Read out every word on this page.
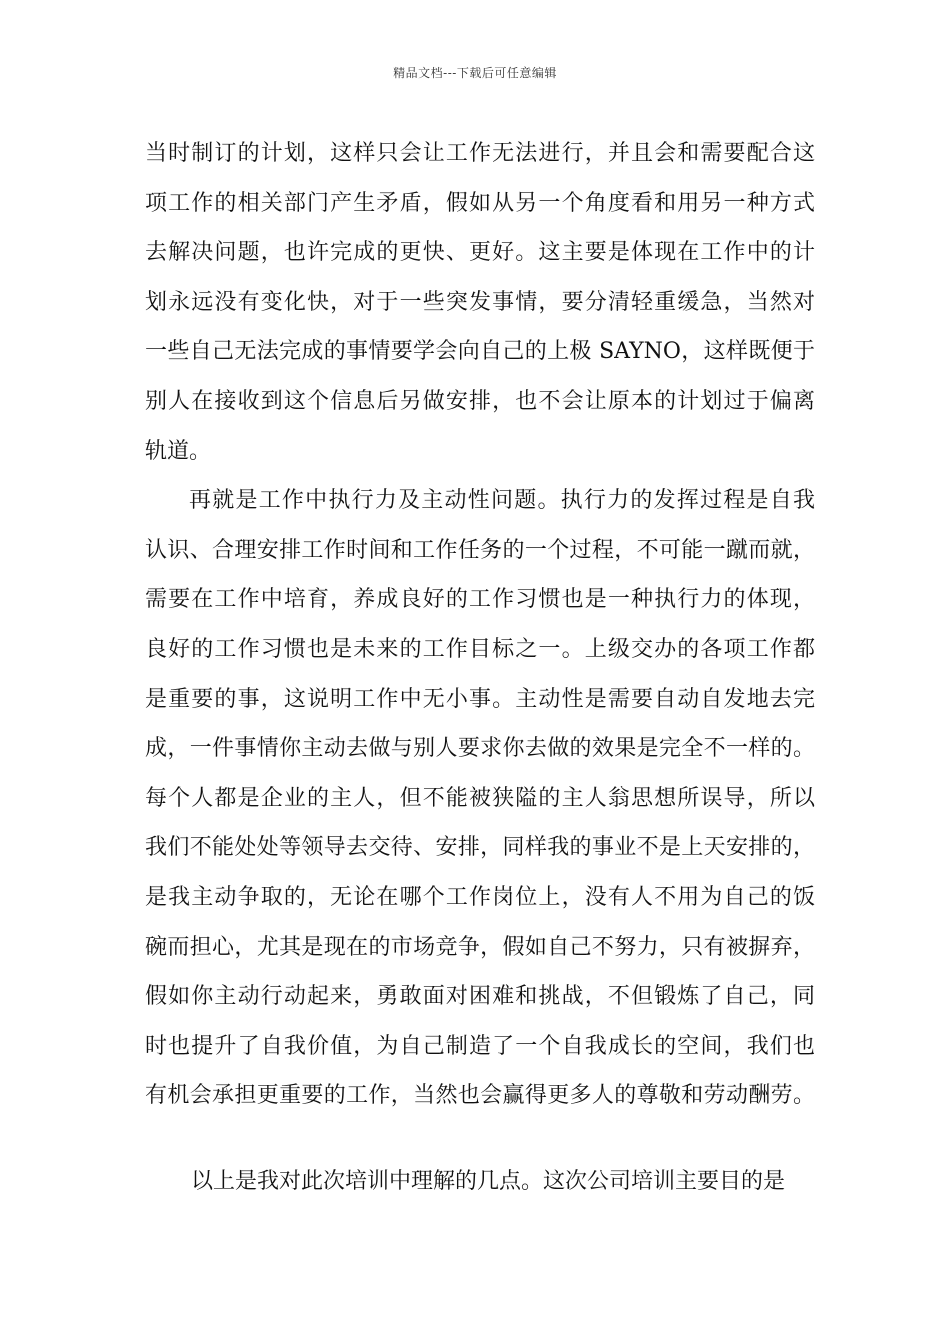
精品文档---下载后可任意编辑
当时制订的计划，这样只会让工作无法进行，并且会和需要配合这
项工作的相关部门产生矛盾，假如从另一个角度看和用另一种方式
去解决问题，也许完成的更快、更好。这主要是体现在工作中的计
划永远没有变化快，对于一些突发事情，要分清轻重缓急，当然对
一些自己无法完成的事情要学会向自己的上极 SAYNO，这样既便于
别人在接收到这个信息后另做安排，也不会让原本的计划过于偏离
轨道。
再就是工作中执行力及主动性问题。执行力的发挥过程是自我
认识、合理安排工作时间和工作任务的一个过程，不可能一蹴而就，
需要在工作中培育，养成良好的工作习惯也是一种执行力的体现，
良好的工作习惯也是未来的工作目标之一。上级交办的各项工作都
是重要的事，这说明工作中无小事。主动性是需要自动自发地去完
成，一件事情你主动去做与别人要求你去做的效果是完全不一样的。
每个人都是企业的主人，但不能被狭隘的主人翁思想所误导，所以
我们不能处处等领导去交待、安排，同样我的事业不是上天安排的，
是我主动争取的，无论在哪个工作岗位上，没有人不用为自己的饭
碗而担心，尤其是现在的市场竞争，假如自己不努力，只有被摒弃，
假如你主动行动起来，勇敢面对困难和挑战，不但锻炼了自己，同
时也提升了自我价值，为自己制造了一个自我成长的空间，我们也
有机会承担更重要的工作，当然也会赢得更多人的尊敬和劳动酬劳。
以上是我对此次培训中理解的几点。这次公司培训主要目的是
